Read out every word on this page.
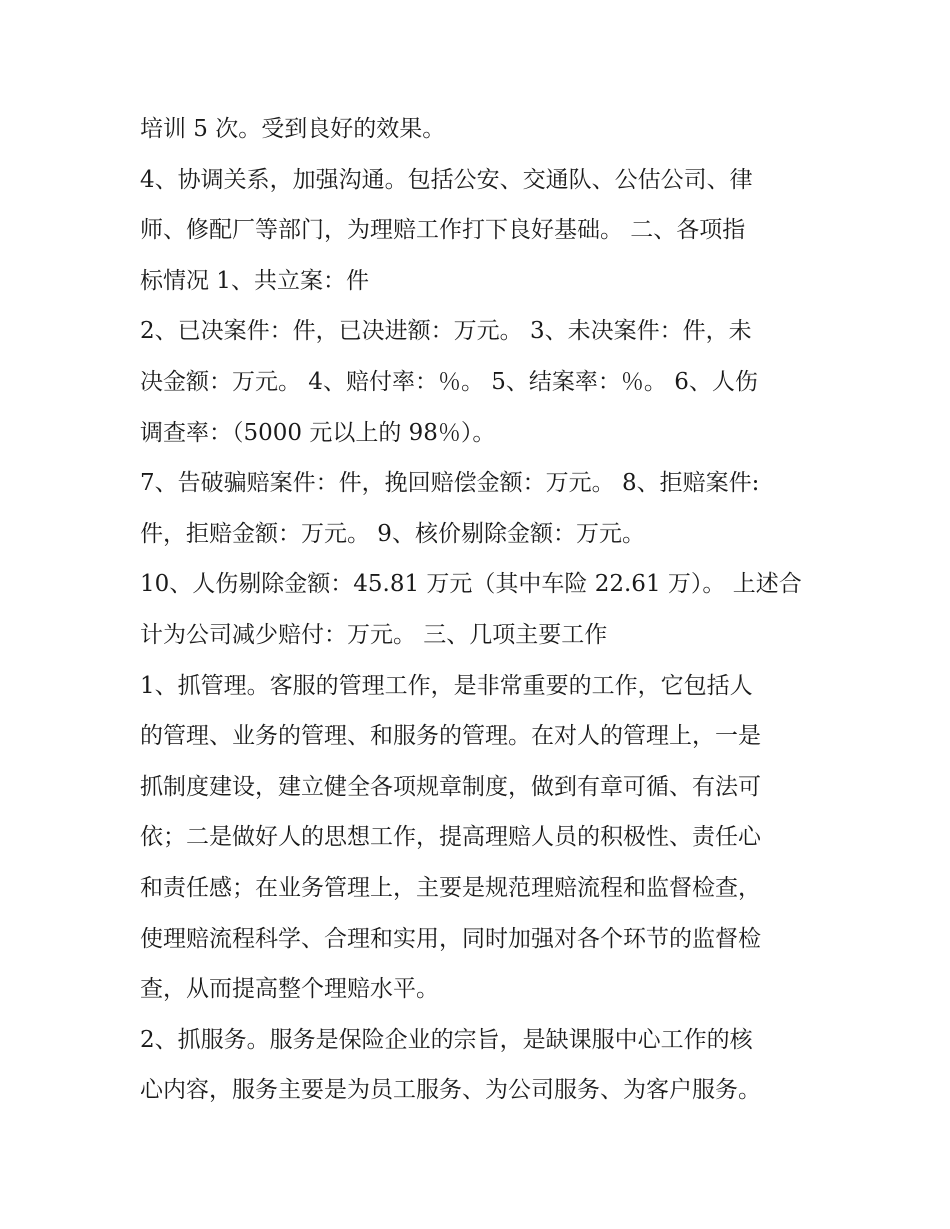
培训 5 次。受到良好的效果。
4、协调关系，加强沟通。包括公安、交通队、公估公司、律
师、修配厂等部门，为理赔工作打下良好基础。 二、各项指
标情况 1、共立案：件
2、已决案件：件，已决进额：万元。 3、未决案件：件，未
决金额：万元。 4、赔付率：％。 5、结案率：％。 6、人伤
调查率：（5000 元以上的 98％）。
7、告破骗赔案件：件，挽回赔偿金额：万元。 8、拒赔案件:
件，拒赔金额：万元。 9、核价剔除金额：万元。
10、人伤剔除金额：45.81 万元（其中车险 22.61 万）。 上述合
计为公司减少赔付：万元。 三、几项主要工作
1、抓管理。客服的管理工作，是非常重要的工作，它包括人
的管理、业务的管理、和服务的管理。在对人的管理上，一是
抓制度建设，建立健全各项规章制度，做到有章可循、有法可
依；二是做好人的思想工作，提高理赔人员的积极性、责任心
和责任感；在业务管理上，主要是规范理赔流程和监督检查，
使理赔流程科学、合理和实用，同时加强对各个环节的监督检
查，从而提高整个理赔水平。
2、抓服务。服务是保险企业的宗旨，是缺课服中心工作的核
心内容，服务主要是为员工服务、为公司服务、为客户服务。
